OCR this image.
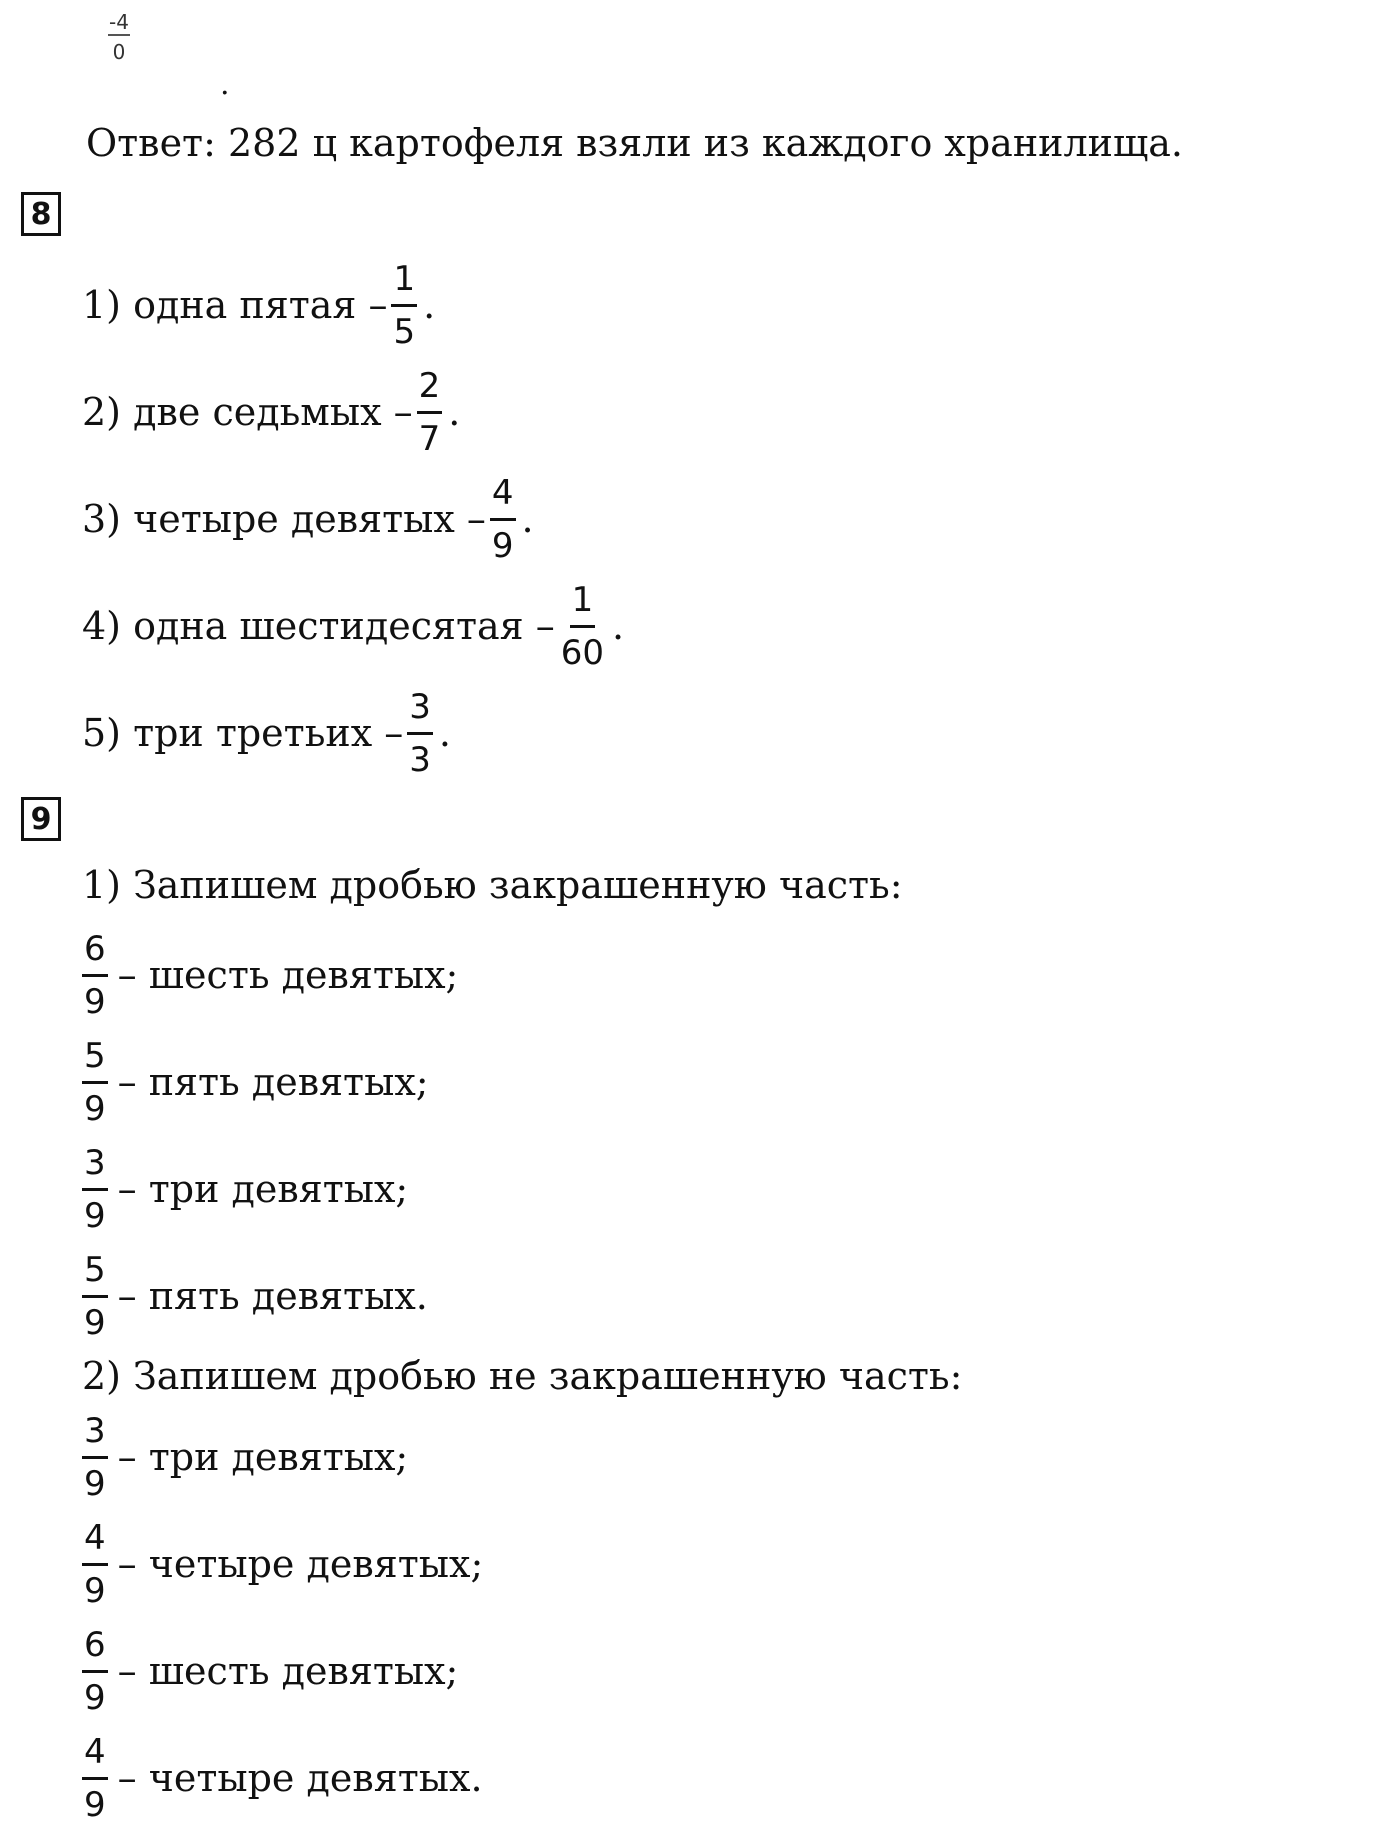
$\frac{-4}{0}$
.
Ответ: 282 ц картофеля взяли из каждого хранилища.
8
1) одна пятая – $\frac{1}{5}$ .
2) две седьмых – $\frac{2}{7}$ .
3) четыре девятых – $\frac{4}{9}$ .
4) одна шестидесятая – $\frac{1}{60}$ .
5) три третьих – $\frac{3}{3}$ .
9
1) Запишем дробью закрашенную часть:
$\frac{6}{9}$ – шесть девятых;
$\frac{5}{9}$ – пять девятых;
$\frac{3}{9}$ – три девятых;
$\frac{5}{9}$ – пять девятых.
2) Запишем дробью не закрашенную часть:
$\frac{3}{9}$ – три девятых;
$\frac{4}{9}$ – четыре девятых;
$\frac{6}{9}$ – шесть девятых;
$\frac{4}{9}$ – четыре девятых.
